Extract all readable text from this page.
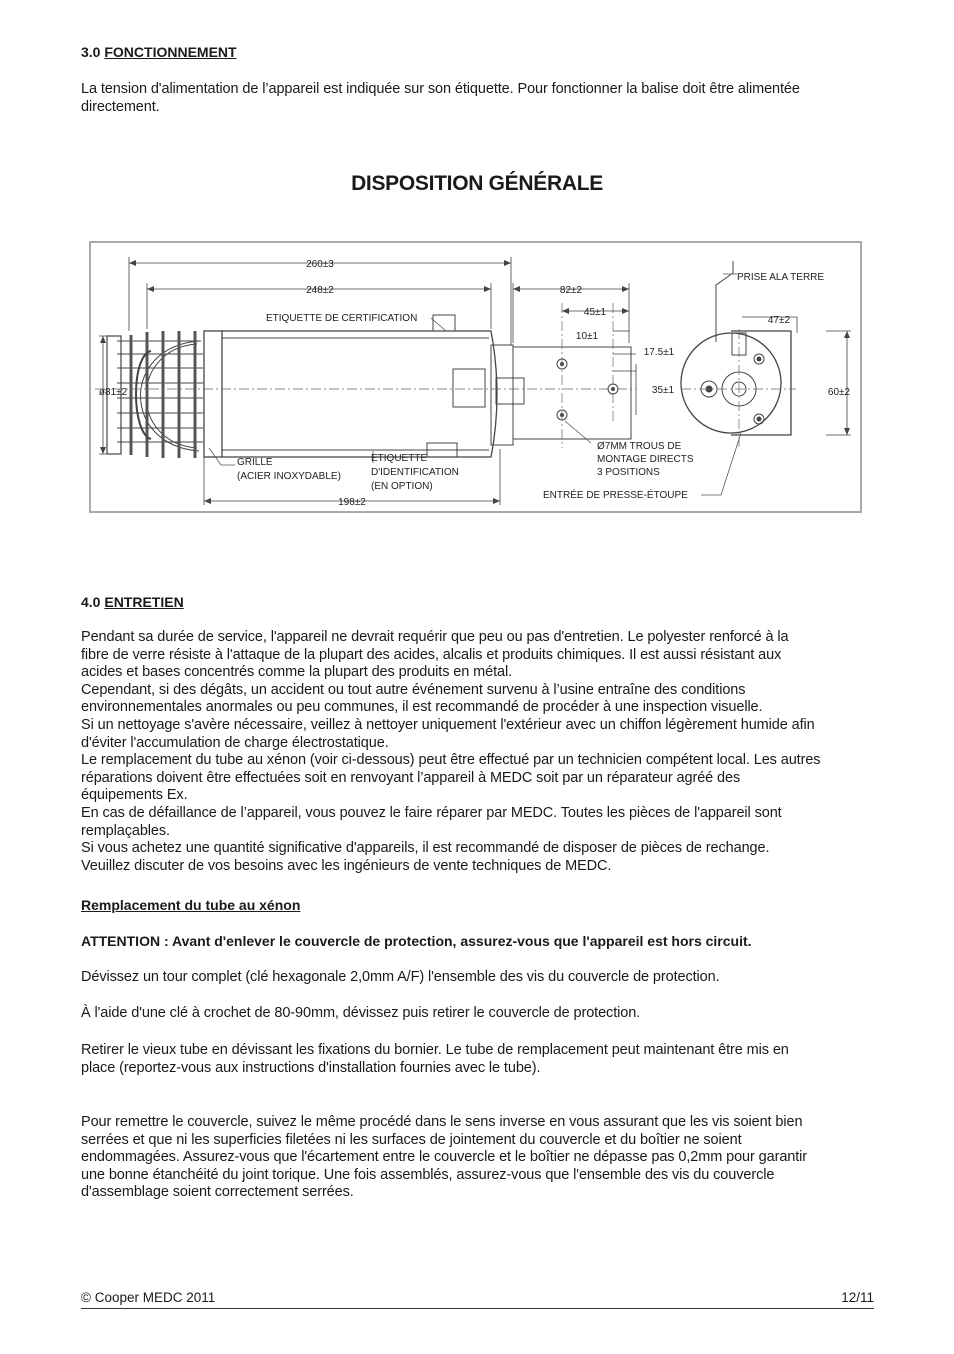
3.0 FONCTIONNEMENT
La tension d'alimentation de l’appareil est indiquée sur son étiquette. Pour fonctionner la balise doit être alimentée directement.
DISPOSITION GÉNÉRALE
260±3
248±2	82±2
45±1
10±1
17.5±1
35±1
47±2
60±2
ø81±2
198±2
ETIQUETTE DE CERTIFICATION
PRISE ALA TERRE
GRILLE
(ACIER INOXYDABLE)
ETIQUETTE
D'IDENTIFICATION
(EN OPTION)
Ø7MM TROUS DE
MONTAGE DIRECTS
3 POSITIONS
ENTRÉE DE PRESSE-ÉTOUPE
4.0 ENTRETIEN
Pendant sa durée de service, l'appareil ne devrait requérir que peu ou pas d'entretien. Le polyester renforcé à la
fibre de verre résiste à l'attaque de la plupart des acides, alcalis et produits chimiques. Il est aussi résistant aux
acides et bases concentrés comme la plupart des produits en métal.
Cependant, si des dégâts, un accident ou tout autre événement survenu à l’usine entraîne des conditions
environnementales anormales ou peu communes, il est recommandé de procéder à une inspection visuelle.
Si un nettoyage s'avère nécessaire, veillez à nettoyer uniquement l'extérieur avec un chiffon légèrement humide afin
d'éviter l'accumulation de charge électrostatique.
Le remplacement du tube au xénon (voir ci-dessous) peut être effectué par un technicien compétent local. Les autres
réparations doivent être effectuées soit en renvoyant l’appareil à MEDC soit par un réparateur agréé des
équipements Ex.
En cas de défaillance de l’appareil, vous pouvez le faire réparer par MEDC. Toutes les pièces de l'appareil sont
remplaçables.
Si vous achetez une quantité significative d'appareils, il est recommandé de disposer de pièces de rechange.
Veuillez discuter de vos besoins avec les ingénieurs de vente techniques de MEDC.
Remplacement du tube au xénon
ATTENTION : Avant d'enlever le couvercle de protection, assurez-vous que l'appareil est hors circuit.
Dévissez un tour complet (clé hexagonale 2,0mm A/F) l'ensemble des vis du couvercle de protection.
À l'aide d'une clé à crochet de 80-90mm, dévissez puis retirer le couvercle de protection.
Retirer le vieux tube en dévissant les fixations du bornier. Le tube de remplacement peut maintenant être mis en
place (reportez-vous aux instructions d'installation fournies avec le tube).
Pour remettre le couvercle, suivez le même procédé dans le sens inverse en vous assurant que les vis soient bien
serrées et que ni les superficies filetées ni les surfaces de jointement du couvercle et du boîtier ne soient
endommagées. Assurez-vous que l'écartement entre le couvercle et le boîtier ne dépasse pas 0,2mm pour garantir
une bonne étanchéité du joint torique. Une fois assemblés, assurez-vous que l'ensemble des vis du couvercle
d'assemblage soient correctement serrées.
© Cooper MEDC 2011	12/11
